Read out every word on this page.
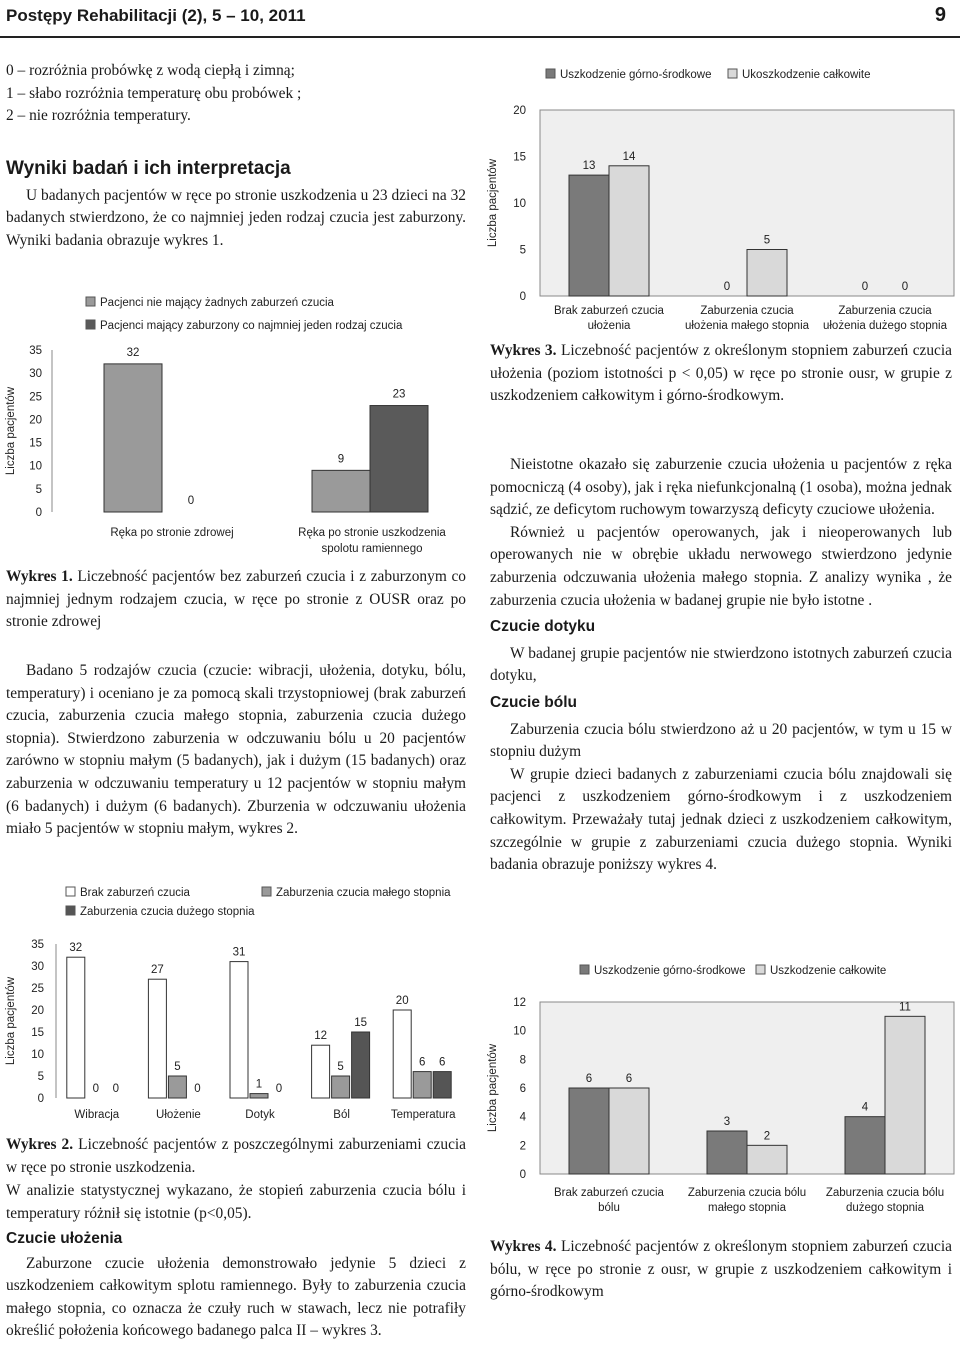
Postępy Rehabilitacji (2), 5 – 10, 2011	9

0 – rozróżnia probówkę z wodą ciepłą i zimną;

1 – słabo rozróżnia temperaturę obu probówek ;

2 – nie rozróżnia temperatury.

Wyniki badań i ich interpretacja

U badanych pacjentów w ręce po stronie uszkodzenia u 23 dzieci na 32 badanych stwierdzono, że co najmniej jeden rodzaj czucia jest zaburzony. Wyniki badania obrazuje wykres 1.

0
5
10
15
20
25
30
35
Liczba pacjentów
Pacjenci nie mający żadnych zaburzeń czucia
Pacjenci mający zaburzony co najmniej jeden rodzaj czucia
32
0
9
23
Ręka po stronie zdrowej	Ręka po stronie uszkodzenia
spolotu ramiennego
Wykres 1. Liczebność pacjentów bez zaburzeń czucia i z zaburzonym co najmniej jednym rodzajem czucia, w ręce po stronie z OUSR oraz po stronie zdrowej

Badano 5 rodzajów czucia (czucie: wibracji, ułożenia, dotyku, bólu, temperatury) i oceniano je za pomocą skali trzystopniowej (brak zaburzeń czucia, zaburzenia czucia małego stopnia, zaburzenia czucia dużego stopnia). Stwierdzono zaburzenia w odczuwaniu bólu u 20 pacjentów zarówno w stopniu małym (5 badanych), jak i dużym (15 badanych) oraz zaburzenia w odczuwaniu temperatury u 12 pacjentów w stopniu małym (6 badanych) i dużym (6 badanych). Zburzenia w odczuwaniu ułożenia miało 5 pacjentów w stopniu małym, wykres 2.

0
5
10
15
20
25
30
35
Liczba pacjentów
Brak zaburzeń czucia
Zaburzenia czucia dużego stopnia
Zaburzenia czucia małego stopnia
32
0 0
Wibracja
27
5
0
Ułożenie
31
1 0
Dotyk
12
5
15
Ból
20
6 6
Temperatura
Wykres 2. Liczebność pacjentów z poszczególnymi zaburzeniami czucia w ręce po stronie uszkodzenia.

W analizie statystycznej wykazano, że stopień zaburzenia czucia bólu i temperatury różnił się istotnie (p<0,05).

Czucie ułożenia

Zaburzone czucie ułożenia demonstrowało jedynie 5 dzieci z uszkodzeniem całkowitym splotu ramiennego. Były to zaburzenia czucia małego stopnia, co oznacza że czuły ruch w stawach, lecz nie potrafiły określić położenia końcowego badanego palca II – wykres 3.

0
5
10
15
20
Liczba pacjentów
Uszkodzenie górno-środkowe	Ukoszkodzenie całkowite
13
14
Brak zaburzeń czucia
ułożenia
0
5
Zaburzenia czucia
ułożenia małego stopnia
0	0
Zaburzenia czucia
ułożenia dużego stopnia
Wykres 3. Liczebność pacjentów z określonym stopniem zaburzeń czucia ułożenia (poziom istotności p < 0,05) w ręce po stronie ousr, w grupie z uszkodzeniem całkowitym i górno-środkowym.

Nieistotne okazało się zaburzenie czucia ułożenia u pacjentów z ręka pomocniczą (4 osoby), jak i ręka niefunkcjonalną (1 osoba), można jednak sądzić, ze deficytom ruchowym towarzyszą deficyty czuciowe ułożenia.

Również u pacjentów operowanych, jak i nieoperowanych lub operowanych nie w obrębie układu nerwowego stwierdzono jedynie zaburzenia odczuwania ułożenia małego stopnia. Z analizy wynika , że zaburzenia czucia ułożenia w badanej grupie nie było istotne .

Czucie dotyku

W badanej grupie pacjentów nie stwierdzono istotnych zaburzeń czucia dotyku,

Czucie bólu

Zaburzenia czucia bólu stwierdzono aż u 20 pacjentów, w tym u 15 w stopniu dużym

W grupie dzieci badanych z zaburzeniami czucia bólu znajdowali się pacjenci z uszkodzeniem górno-środkowym i z uszkodzeniem całkowitym. Przeważały tutaj jednak dzieci z uszkodzeniem całkowitym, szczególnie w grupie z zaburzeniami czucia dużego stopnia. Wyniki badania obrazuje poniższy wykres 4.

0
2
4
6
8
10
12
Liczba pacjentów
Uszkodzenie górno-środkowe Uszkodzenie całkowite
6	6
Brak zaburzeń czucia
bólu
3
2
Zaburzenia czucia bólu
małego stopnia
4
11
Zaburzenia czucia bólu
dużego stopnia
Wykres 4. Liczebność pacjentów z określonym stopniem zaburzeń czucia bólu, w ręce po stronie z ousr, w grupie z uszkodzeniem całkowitym i górno-środkowym
